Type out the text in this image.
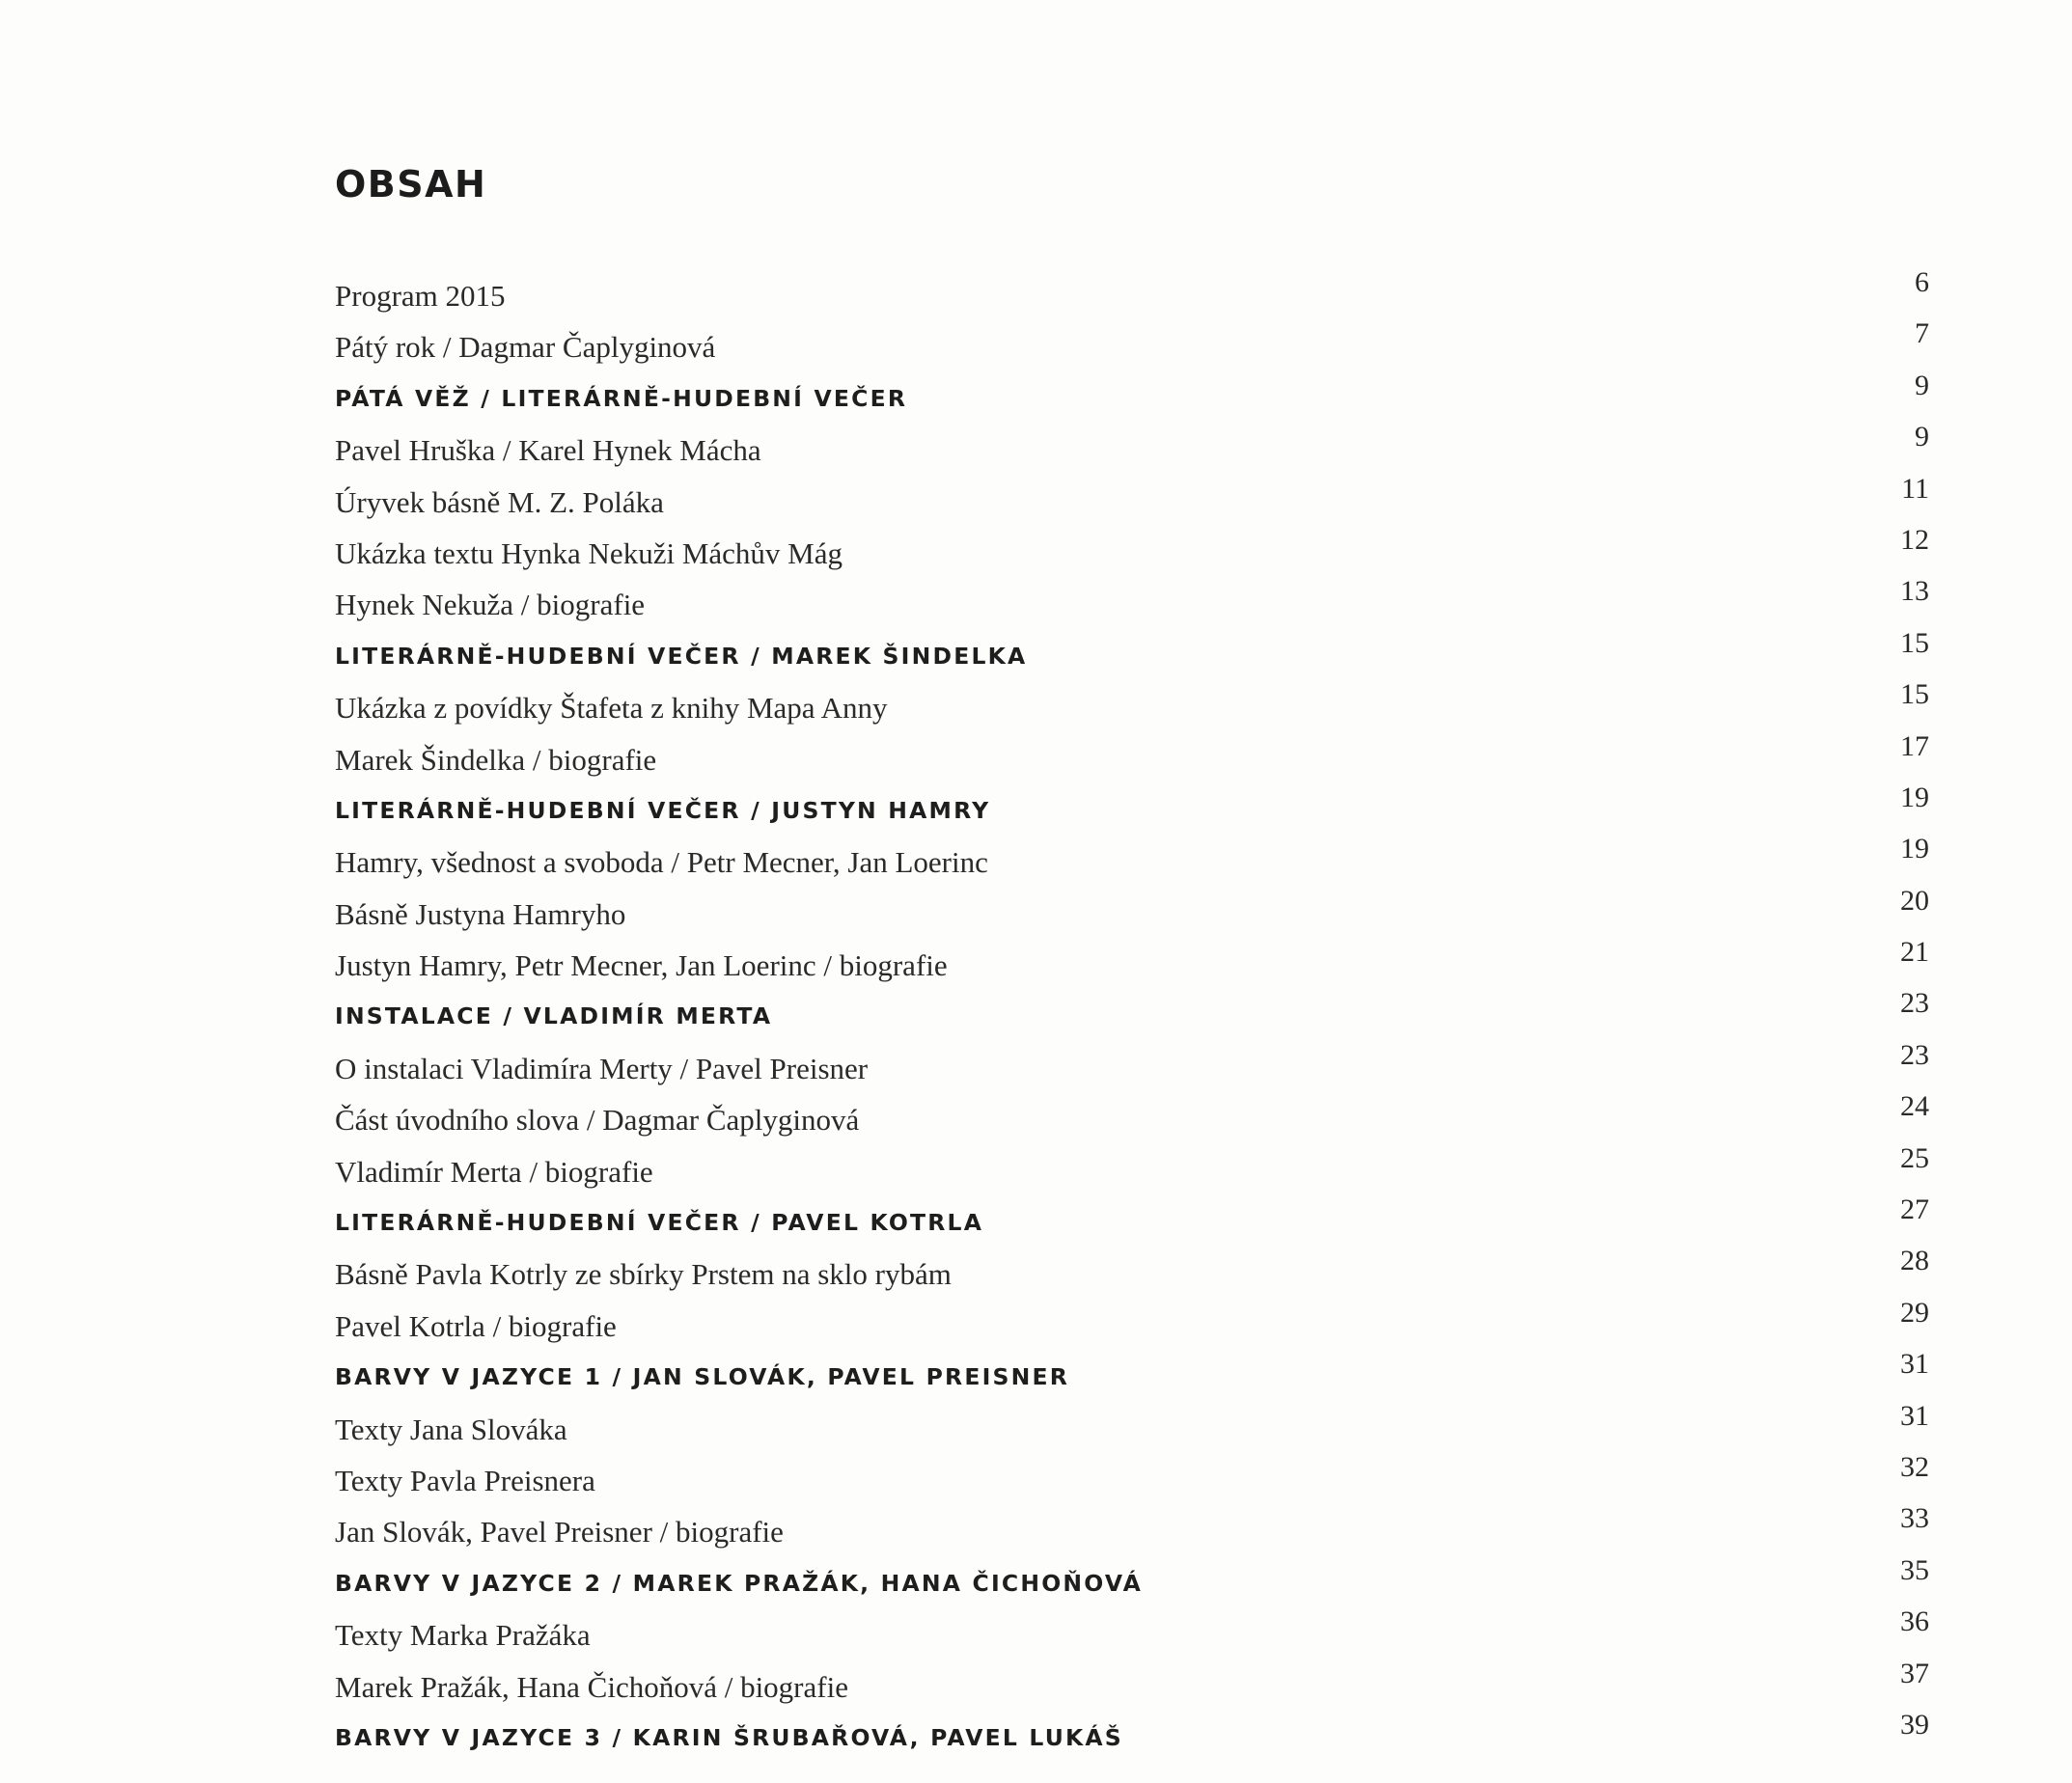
OBSAH
Program 2015	6
Pátý rok / Dagmar Čaplyginová	7
PÁTÁ VĚŽ / LITERÁRNĚ-HUDEBNÍ VEČER	9
Pavel Hruška / Karel Hynek Mácha	9
Úryvek básně M. Z. Poláka	11
Ukázka textu Hynka Nekuži Máchův Mág	12
Hynek Nekuža / biografie	13
LITERÁRNĚ-HUDEBNÍ VEČER / MAREK ŠINDELKA	15
Ukázka z povídky Štafeta z knihy Mapa Anny	15
Marek Šindelka / biografie	17
LITERÁRNĚ-HUDEBNÍ VEČER / JUSTYN HAMRY	19
Hamry, všednost a svoboda / Petr Mecner, Jan Loerinc	19
Básně Justyna Hamryho	20
Justyn Hamry, Petr Mecner, Jan Loerinc / biografie	21
INSTALACE / VLADIMÍR MERTA	23
O instalaci Vladimíra Merty / Pavel Preisner	23
Část úvodního slova / Dagmar Čaplyginová	24
Vladimír Merta / biografie	25
LITERÁRNĚ-HUDEBNÍ VEČER / PAVEL KOTRLA	27
Básně Pavla Kotrly ze sbírky Prstem na sklo rybám	28
Pavel Kotrla / biografie	29
BARVY V JAZYCE 1 / JAN SLOVÁK, PAVEL PREISNER	31
Texty Jana Slováka	31
Texty Pavla Preisnera	32
Jan Slovák, Pavel Preisner / biografie	33
BARVY V JAZYCE 2 / MAREK PRAŽÁK, HANA ČICHOŇOVÁ	35
Texty Marka Pražáka	36
Marek Pražák, Hana Čichoňová / biografie	37
BARVY V JAZYCE 3 / KARIN ŠRUBAŘOVÁ, PAVEL LUKÁŠ	39
